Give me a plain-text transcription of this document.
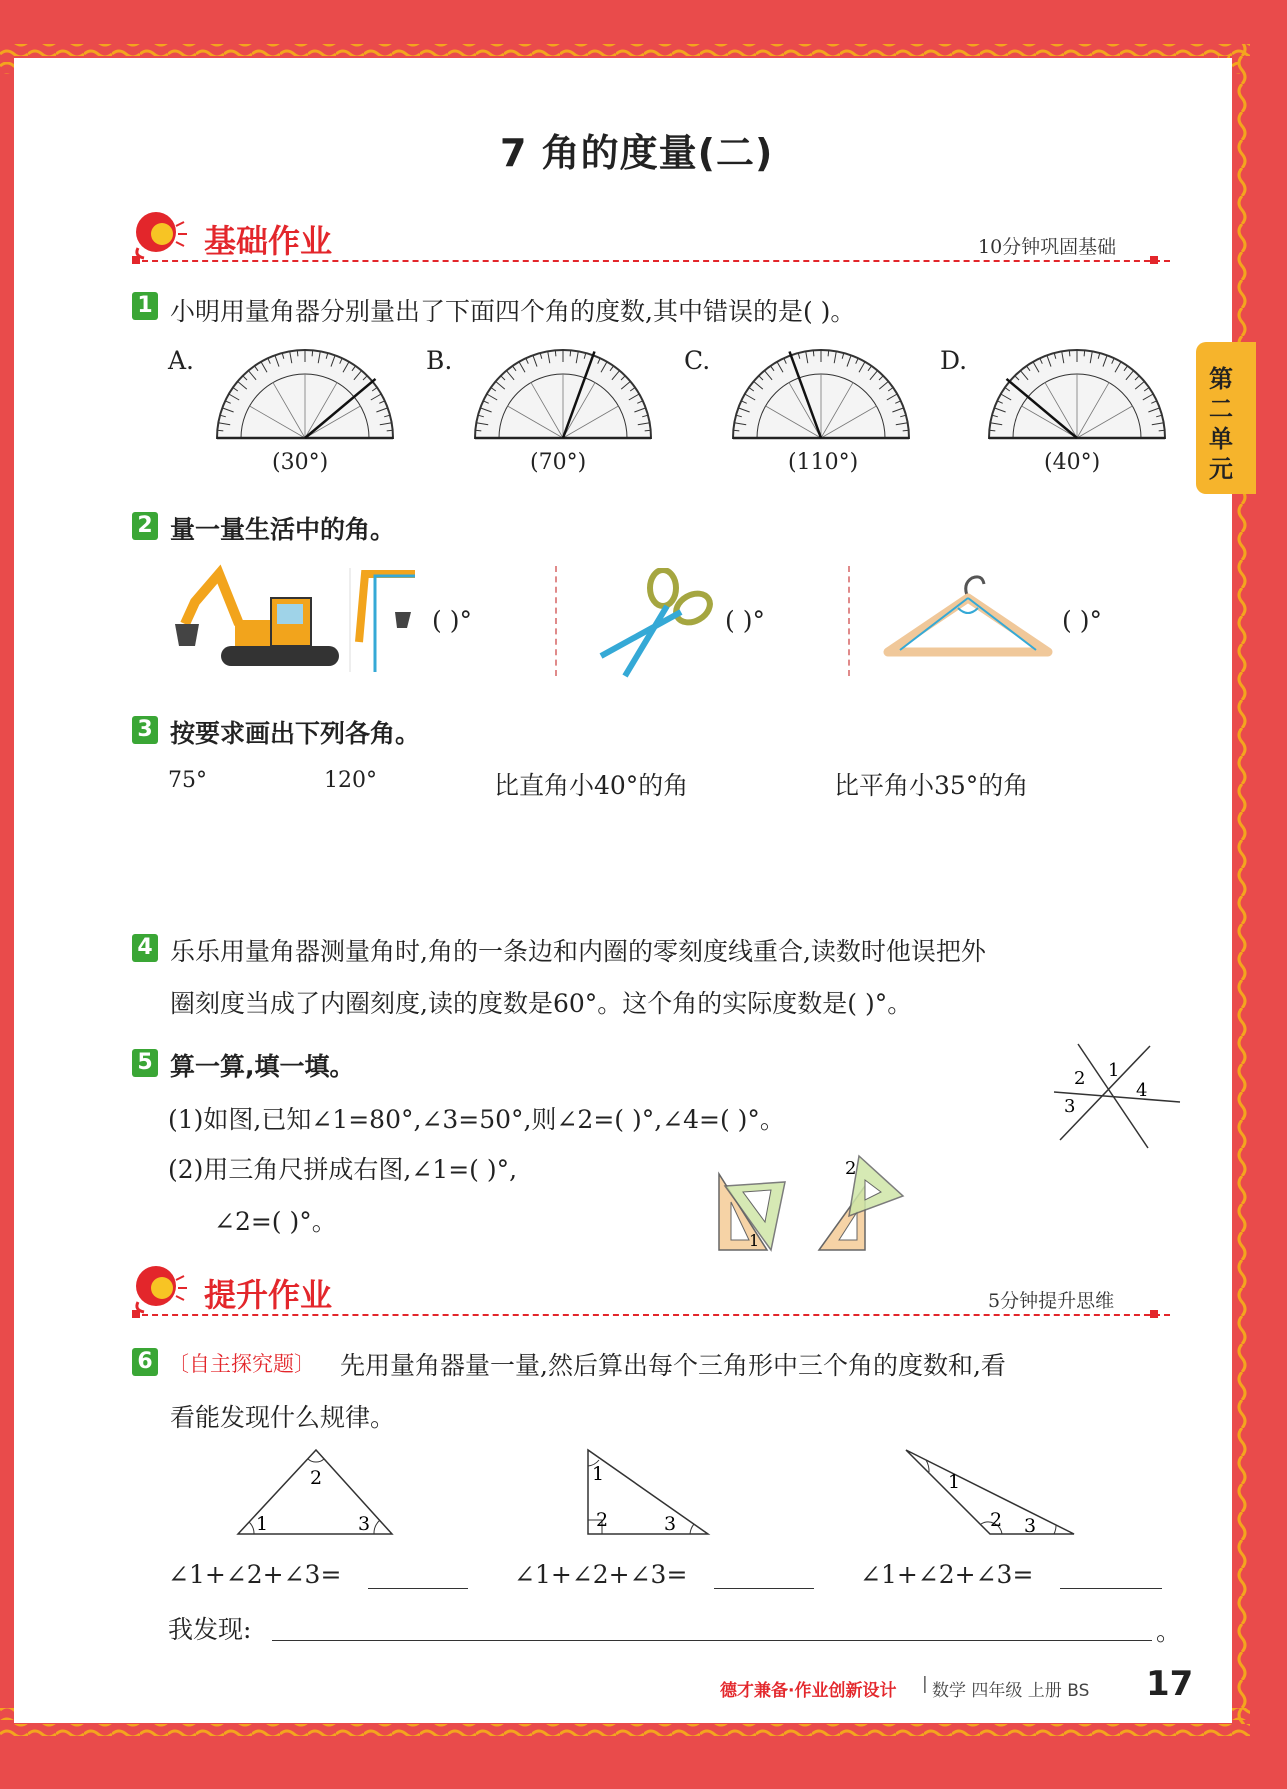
7 角的度量(二)
第二单元
基础作业	10分钟巩固基础
1 小明用量角器分别量出了下面四个角的度数,其中错误的是( )。
A.
(30°)
B.
(70°)
C.
(110°)
D.
(40°)
2 量一量生活中的角。
( )°	( )°	( )°
3 按要求画出下列各角。
75°	120°	比直角小40°的角	比平角小35°的角
4 乐乐用量角器测量角时,角的一条边和内圈的零刻度线重合,读数时他误把外
圈刻度当成了内圈刻度,读的度数是60°。这个角的实际度数是( )°。
5 算一算,填一填。
(1)如图,已知∠1=80°,∠3=50°,则∠2=( )°,∠4=( )°。
(2)用三角尺拼成右图,∠1=( )°,
∠2=( )°。
1
2
3
4
1
2
提升作业	5分钟提升思维
6 〔自主探究题〕 先用量角器量一量,然后算出每个三角形中三个角的度数和,看
看能发现什么规律。
1
2
3
1
2	3
1
2 3
∠1+∠2+∠3=	∠1+∠2+∠3=	∠1+∠2+∠3=
我发现:	。
德才兼备·作业创新设计 | 数学 四年级 上册 BS 17
